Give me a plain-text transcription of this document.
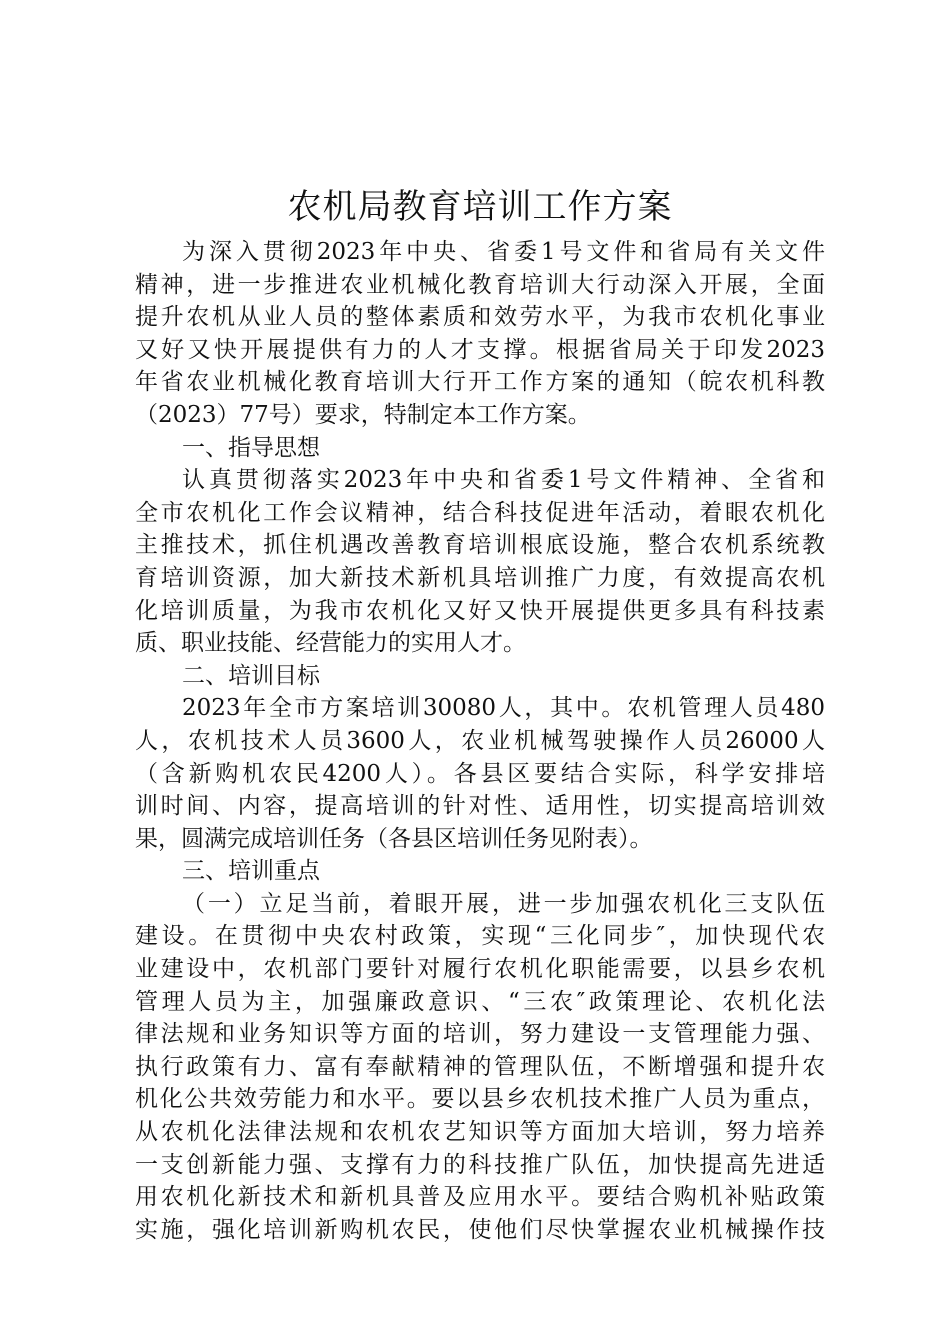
农机局教育培训工作方案
为深入贯彻2023年中央、省委1号文件和省局有关文件
精神，进一步推进农业机械化教育培训大行动深入开展，全面
提升农机从业人员的整体素质和效劳水平，为我市农机化事业
又好又快开展提供有力的人才支撑。根据省局关于印发2023
年省农业机械化教育培训大行开工作方案的通知（皖农机科教
（2023）77号）要求，特制定本工作方案。
一、指导思想
认真贯彻落实2023年中央和省委1号文件精神、全省和
全市农机化工作会议精神，结合科技促进年活动，着眼农机化
主推技术，抓住机遇改善教育培训根底设施，整合农机系统教
育培训资源，加大新技术新机具培训推广力度，有效提高农机
化培训质量，为我市农机化又好又快开展提供更多具有科技素
质、职业技能、经营能力的实用人才。
二、培训目标
2023年全市方案培训30080人，其中。农机管理人员480
人，农机技术人员3600人，农业机械驾驶操作人员26000人
（含新购机农民4200人）。各县区要结合实际，科学安排培
训时间、内容，提高培训的针对性、适用性，切实提高培训效
果，圆满完成培训任务（各县区培训任务见附表）。
三、培训重点
（一）立足当前，着眼开展，进一步加强农机化三支队伍
建设。在贯彻中央农村政策，实现“三化同步″，加快现代农
业建设中，农机部门要针对履行农机化职能需要，以县乡农机
管理人员为主，加强廉政意识、“三农″政策理论、农机化法
律法规和业务知识等方面的培训，努力建设一支管理能力强、
执行政策有力、富有奉献精神的管理队伍，不断增强和提升农
机化公共效劳能力和水平。要以县乡农机技术推广人员为重点，
从农机化法律法规和农机农艺知识等方面加大培训，努力培养
一支创新能力强、支撑有力的科技推广队伍，加快提高先进适
用农机化新技术和新机具普及应用水平。要结合购机补贴政策
实施，强化培训新购机农民，使他们尽快掌握农业机械操作技
